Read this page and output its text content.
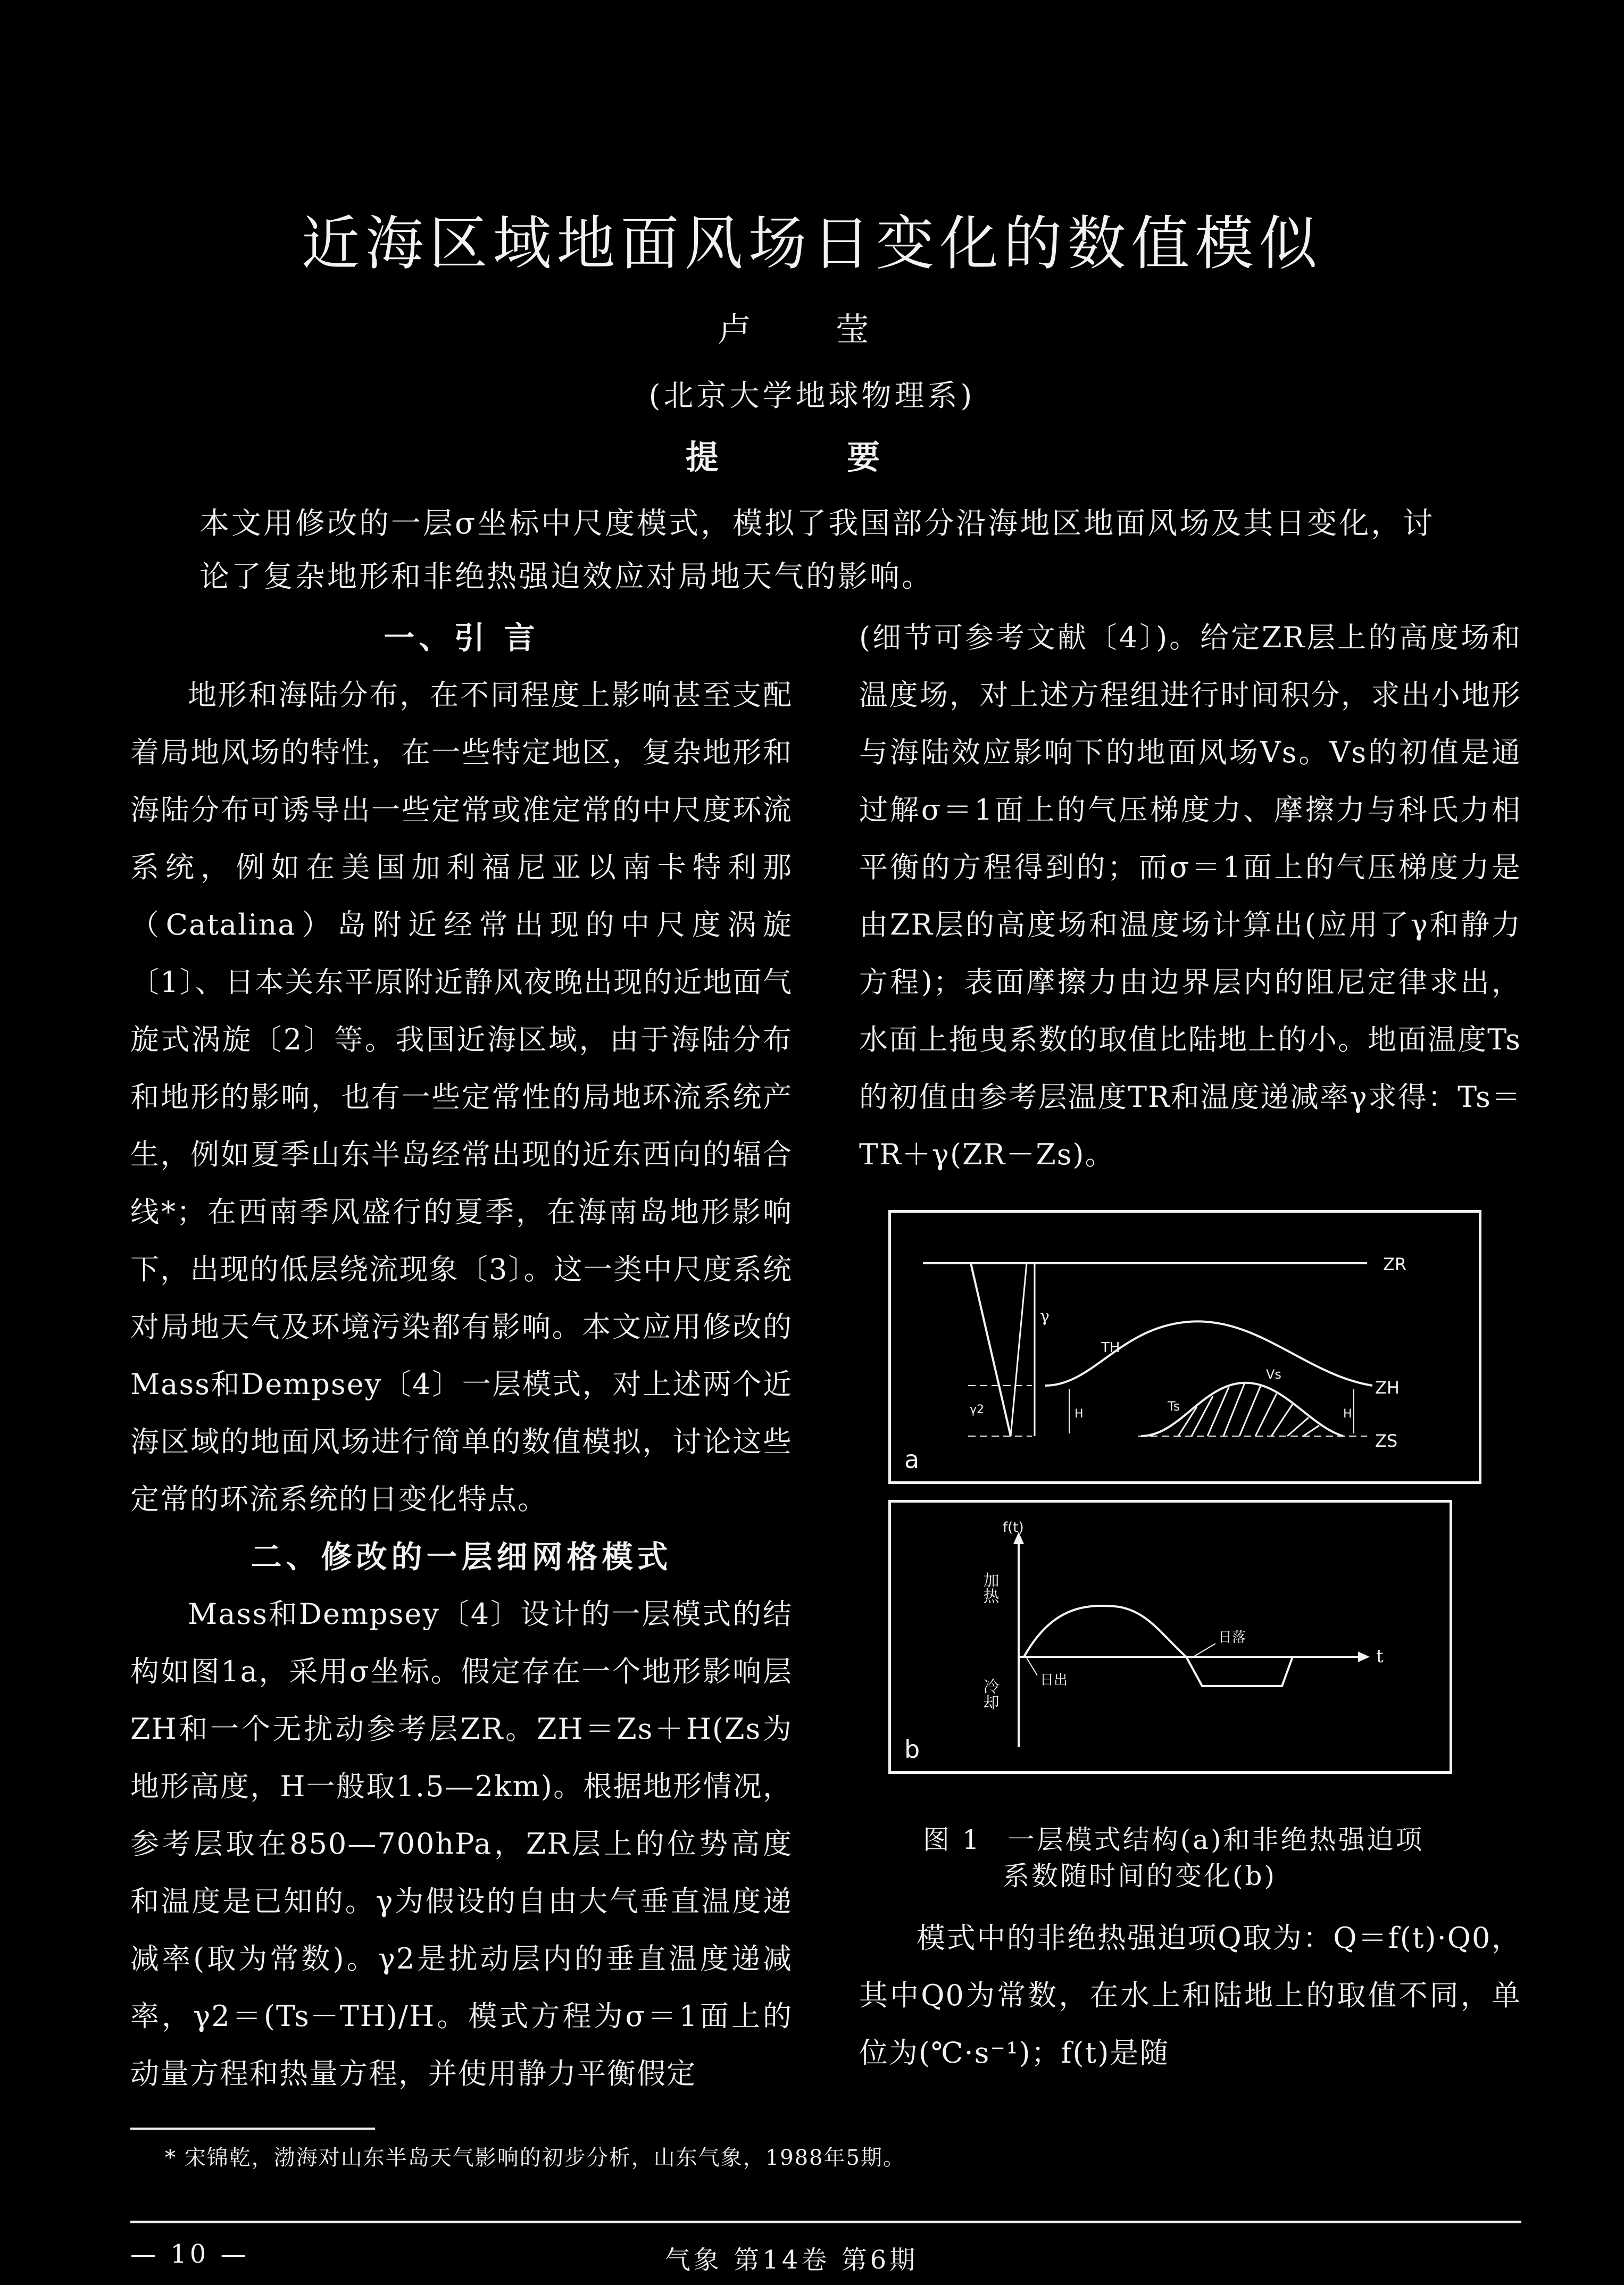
近海区域地面风场日变化的数值模似
卢 莹
(北京大学地球物理系)
提 要
本文用修改的一层σ坐标中尺度模式，模拟了我国部分沿海地区地面风场及其日变化，讨论了复杂地形和非绝热强迫效应对局地天气的影响。
一、引 言

地形和海陆分布，在不同程度上影响甚至支配着局地风场的特性，在一些特定地区，复杂地形和海陆分布可诱导出一些定常或准定常的中尺度环流系统，例如在美国加利福尼亚以南卡特利那（Catalina）岛附近经常出现的中尺度涡旋〔1〕、日本关东平原附近静风夜晚出现的近地面气旋式涡旋〔2〕等。我国近海区域，由于海陆分布和地形的影响，也有一些定常性的局地环流系统产生，例如夏季山东半岛经常出现的近东西向的辐合线*；在西南季风盛行的夏季，在海南岛地形影响下，出现的低层绕流现象〔3〕。这一类中尺度系统对局地天气及环境污染都有影响。本文应用修改的Mass和Dempsey〔4〕一层模式，对上述两个近海区域的地面风场进行简单的数值模拟，讨论这些定常的环流系统的日变化特点。

二、修改的一层细网格模式

Mass和Dempsey〔4〕设计的一层模式的结构如图1a，采用σ坐标。假定存在一个地形影响层ZH和一个无扰动参考层ZR。ZH＝Zs＋H(Zs为地形高度，H一般取1.5—2km)。根据地形情况，参考层取在850—700hPa，ZR层上的位势高度和温度是已知的。γ为假设的自由大气垂直温度递减率(取为常数)。γ2是扰动层内的垂直温度递减率，γ2＝(Ts－TH)/H。模式方程为σ＝1面上的动量方程和热量方程，并使用静力平衡假定

(细节可参考文献〔4〕)。给定ZR层上的高度场和温度场，对上述方程组进行时间积分，求出小地形与海陆效应影响下的地面风场Vs。Vs的初值是通过解σ＝1面上的气压梯度力、摩擦力与科氏力相平衡的方程得到的；而σ＝1面上的气压梯度力是由ZR层的高度场和温度场计算出(应用了γ和静力方程)；表面摩擦力由边界层内的阻尼定律求出，水面上拖曳系数的取值比陆地上的小。地面温度Ts的初值由参考层温度TR和温度递减率γ求得：Ts＝TR＋γ(ZR－Zs)。

ZR
γ
γ2
TH
ZH
H	H
Ts
Vs
ZS
a
t
f(t)
加热
冷却
日落
日出
b
图 1 一层模式结构(a)和非绝热强迫项
系数随时间的变化(b)

模式中的非绝热强迫项Q取为：Q＝f(t)·Q0，其中Q0为常数，在水上和陆地上的取值不同，单位为(℃·s⁻¹)；f(t)是随

* 宋锦乾，渤海对山东半岛天气影响的初步分析，山东气象，1988年5期。
— 10 —	气象 第14卷 第6期
